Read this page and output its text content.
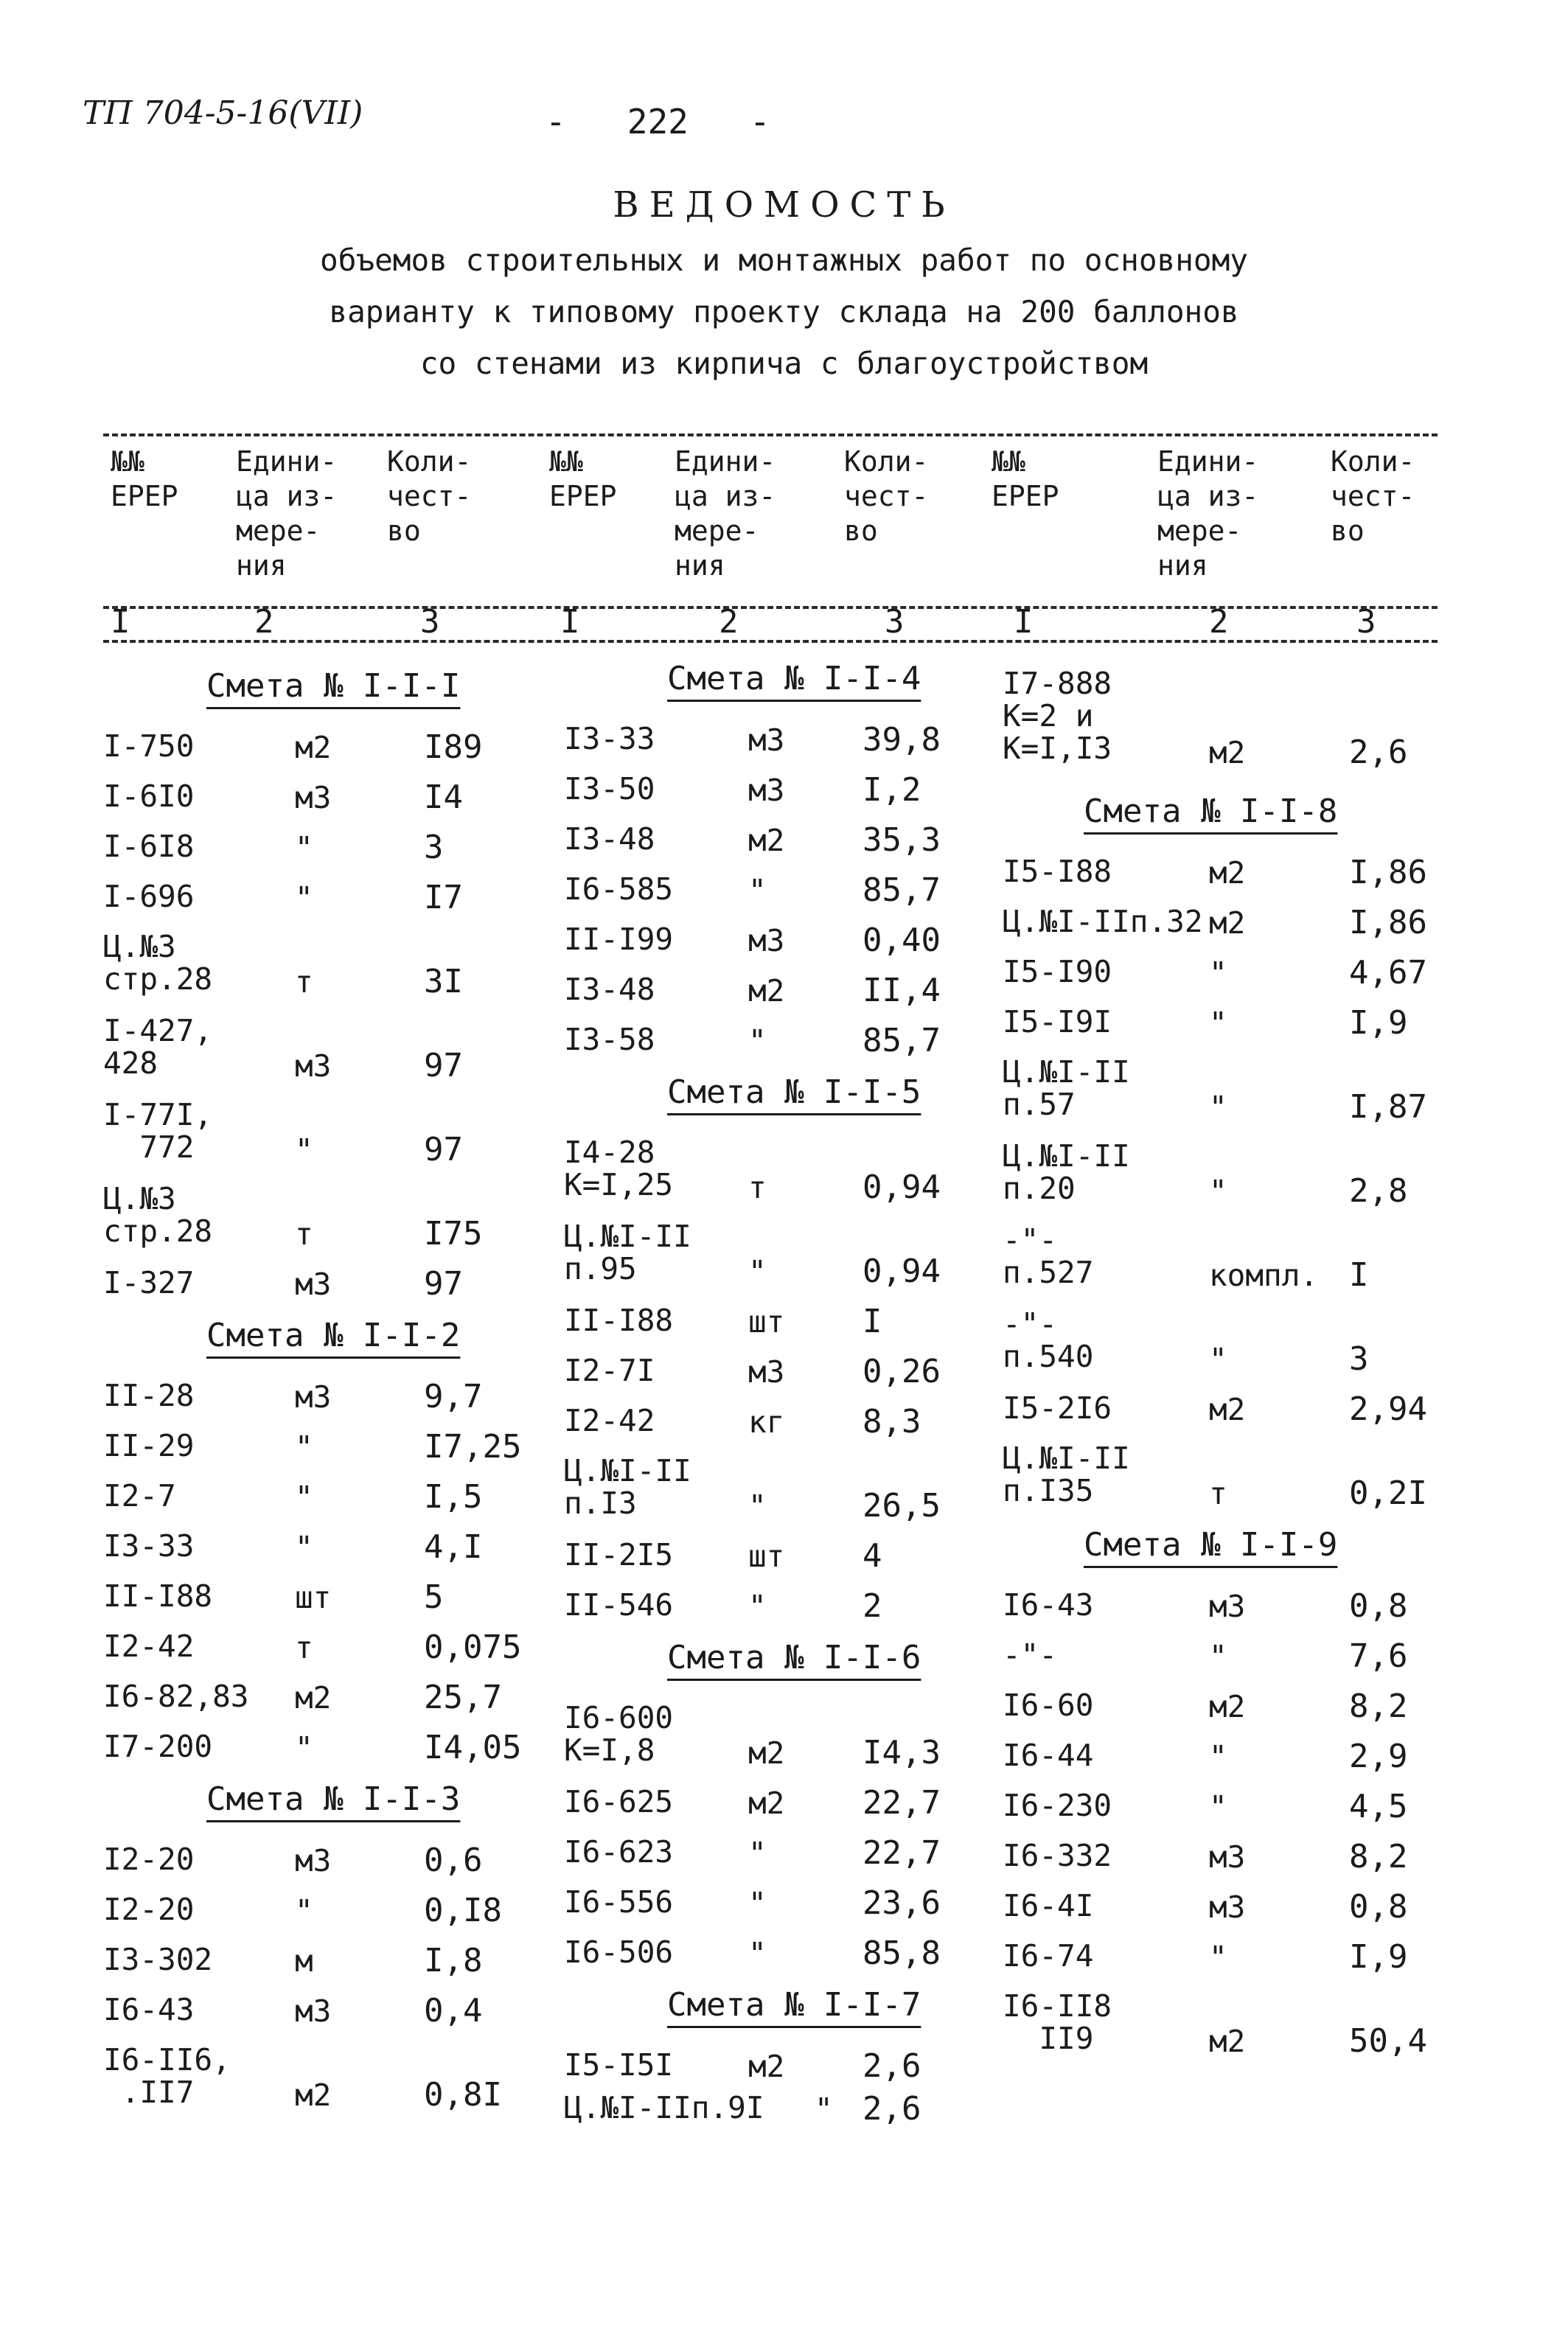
ТП 704-5-16(VII)	-   222   -
ВЕДОМОСТЬ
объемов строительных и монтажных работ по основному
варианту к типовому проекту склада на 200 баллонов
со стенами из кирпича с благоустройством
№№
ЕРЕР
Едини-
ца из-
мере-
ния
Коли-
чест-
во
№№
ЕРЕР
Едини-
ца из-
мере-
ния
Коли-
чест-
во
№№
ЕРЕР
Едини-
ца из-
мере-
ния
Коли-
чест-
во
I	2	3	I	2	3	I	2	3
Смета № I-I-I
I-750	м2	I89
I-6I0	м3	I4
I-6I8	"	3
I-696	"	I7
Ц.№3
стр.28	т	3I
I-427,
428	м3	97
I-77I,
772	"	97
Ц.№3
стр.28	т	I75
I-327	м3	97
Смета № I-I-2
II-28	м3	9,7
II-29	"	I7,25
I2-7	"	I,5
I3-33	"	4,I
II-I88	шт	5
I2-42	т	0,075
I6-82,83 м2	25,7
I7-200	"	I4,05
Смета № I-I-3
I2-20	м3	0,6
I2-20	"	0,I8
I3-302	м	I,8
I6-43	м3	0,4
I6-II6,
.II7	м2	0,8I
Смета № I-I-8
I5-I88	м2	I,86
Ц.№I-IIп.32 м2	I,86
I5-I90	"	4,67
I5-I9I	"	I,9
Ц.№I-II
п.57	"	I,87
Ц.№I-II
п.20	"	2,8
-"-
п.527	компл. I
-"-
п.540	"	3
I5-2I6	м2	2,94
Ц.№I-II
п.I35	т	0,2I
Смета № I-I-9
I6-43	м3	0,8
-"-	"	7,6
I6-60	м2	8,2
I6-44	"	2,9
I6-230	"	4,5
I6-332	м3	8,2
I6-4I	м3	0,8
I6-74	"	I,9
I6-II8
II9	м2	50,4
Смета № I-I-4
I3-33	м3 39,8
I3-50	м3 I,2
I3-48	м2 35,3
I6-585 "	85,7
II-I99 м3 0,40
I3-48	м2 II,4
I3-58	"	85,7
Смета № I-I-5
I4-28
К=I,25 т	0,94
Ц.№I-II
п.95	"	0,94
II-I88 шт I
I2-7I	м3 0,26
I2-42	кг 8,3
Ц.№I-II
п.I3	"	26,5
II-2I5 шт 4
II-546 "	2
Смета № I-I-6
I6-600
К=I,8	м2 I4,3
I6-625 м2 22,7
I6-623 "	22,7
I6-556 "	23,6
I6-506 "	85,8
Смета № I-I-7
I5-I5I м2 2,6
Ц.№I-IIп.9I " 2,6
I7-888
К=2 и
К=I,I3	м2	2,6
